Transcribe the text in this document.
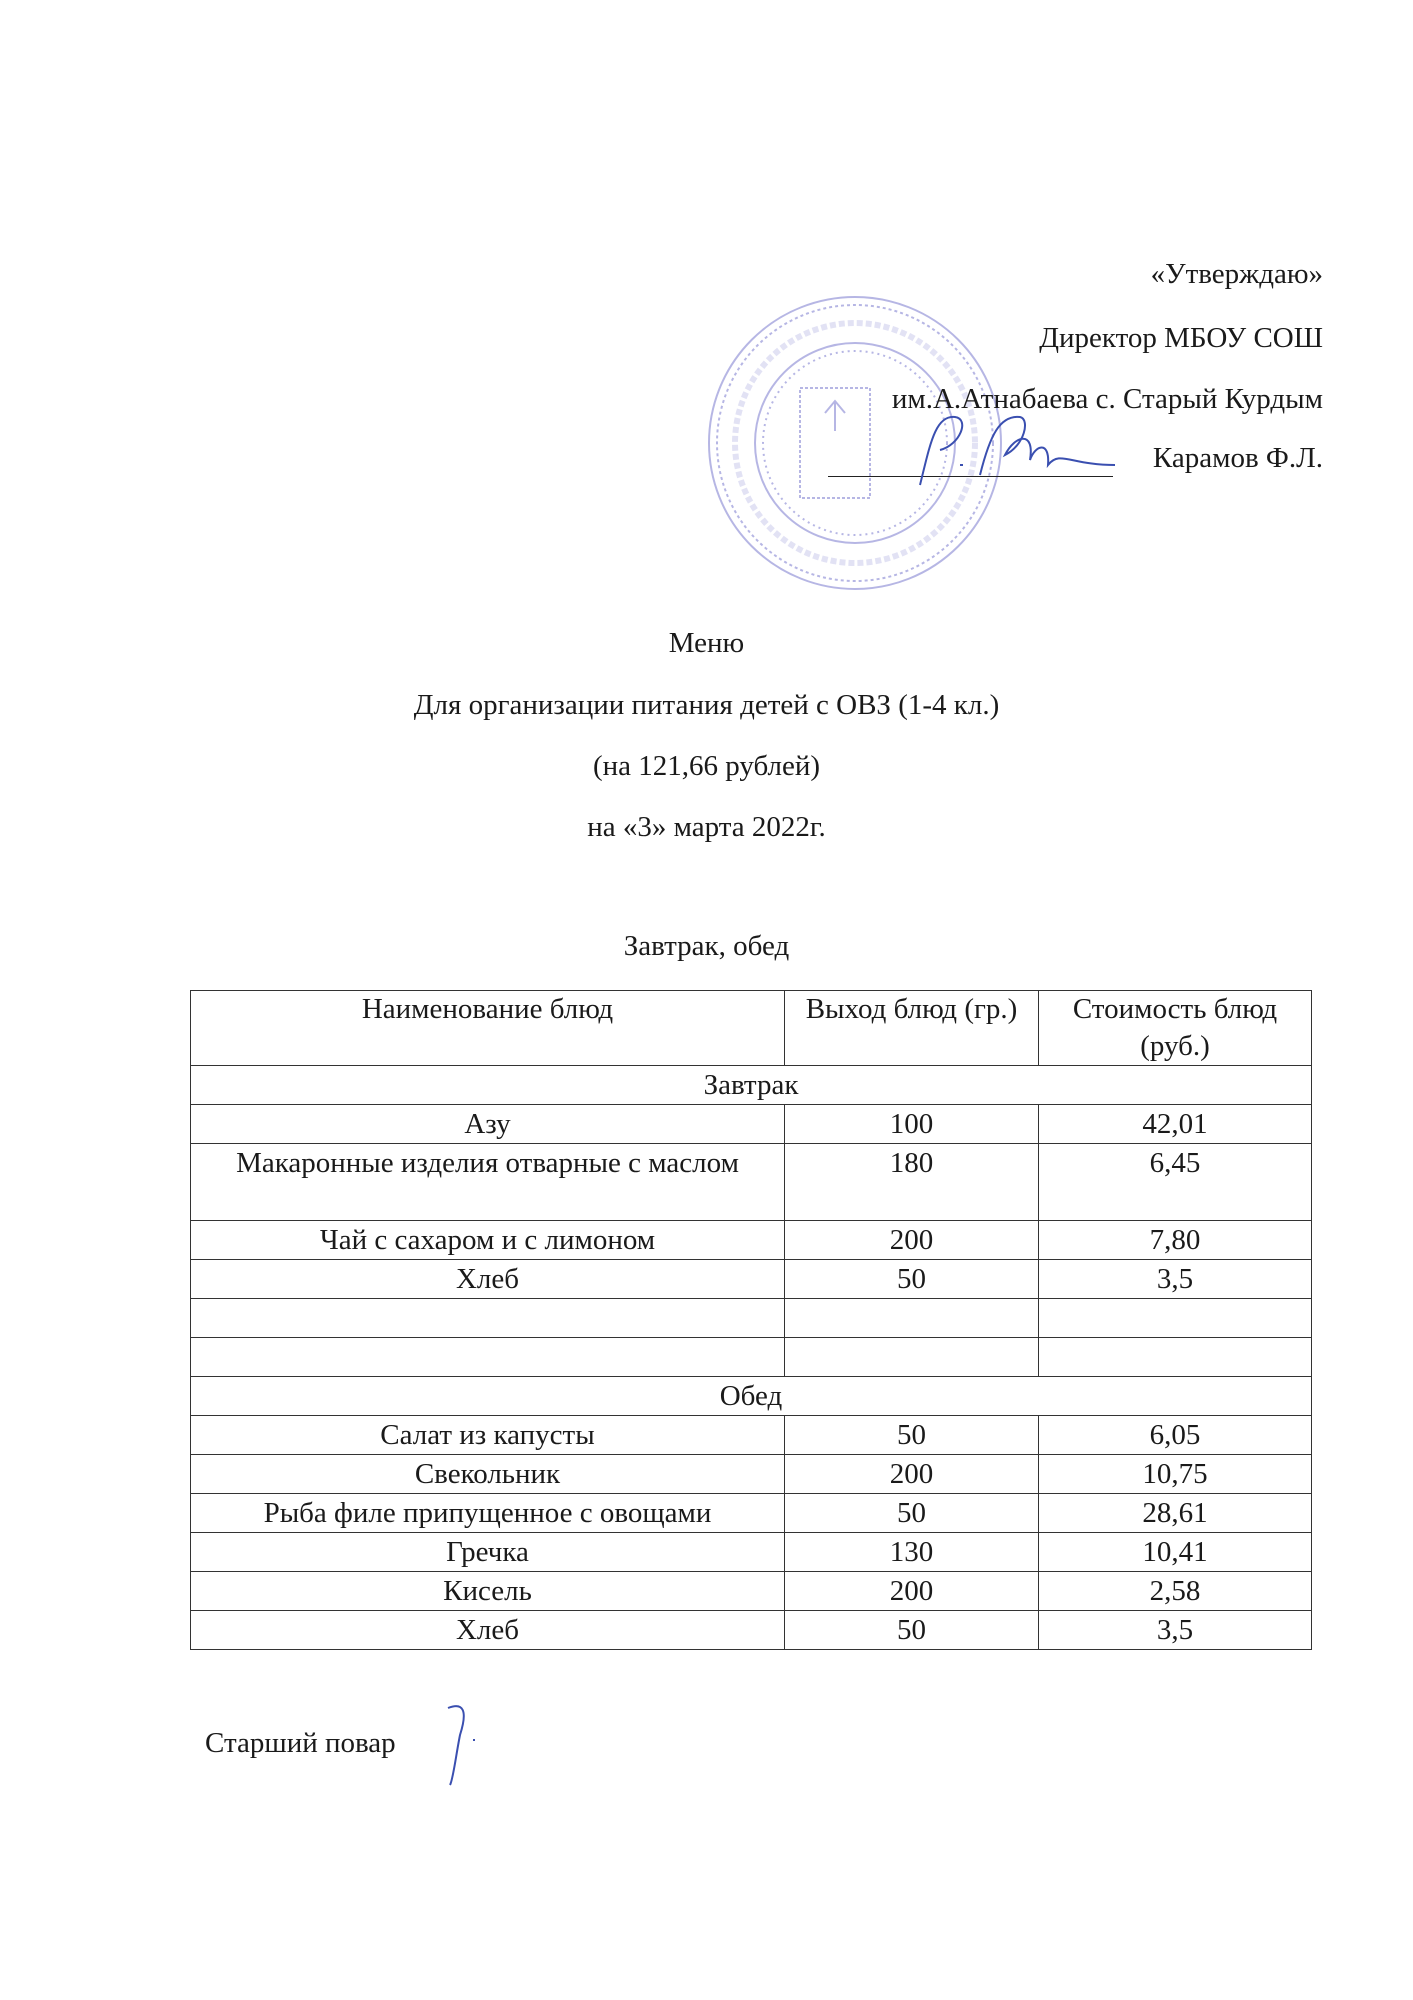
«Утверждаю»
Директор МБОУ СОШ
им.А.Атнабаева с. Старый Курдым
Карамов Ф.Л.
Меню
Для организации питания детей с ОВЗ (1-4 кл.)
(на 121,66 рублей)
на «3» марта 2022г.
Завтрак, обед
Наименование блюд	Выход блюд (гр.)	Стоимость блюд (руб.)
Завтрак		
Азу	100	42,01
Макаронные изделия отварные с маслом	180	6,45
Чай с сахаром и с лимоном	200	7,80
Хлеб	50	3,5

Обед		
Салат из капусты	50	6,05
Свекольник	200	10,75
Рыба филе припущенное с овощами	50	28,61
Гречка	130	10,41
Кисель	200	2,58
Хлеб	50	3,5
Старший повар
